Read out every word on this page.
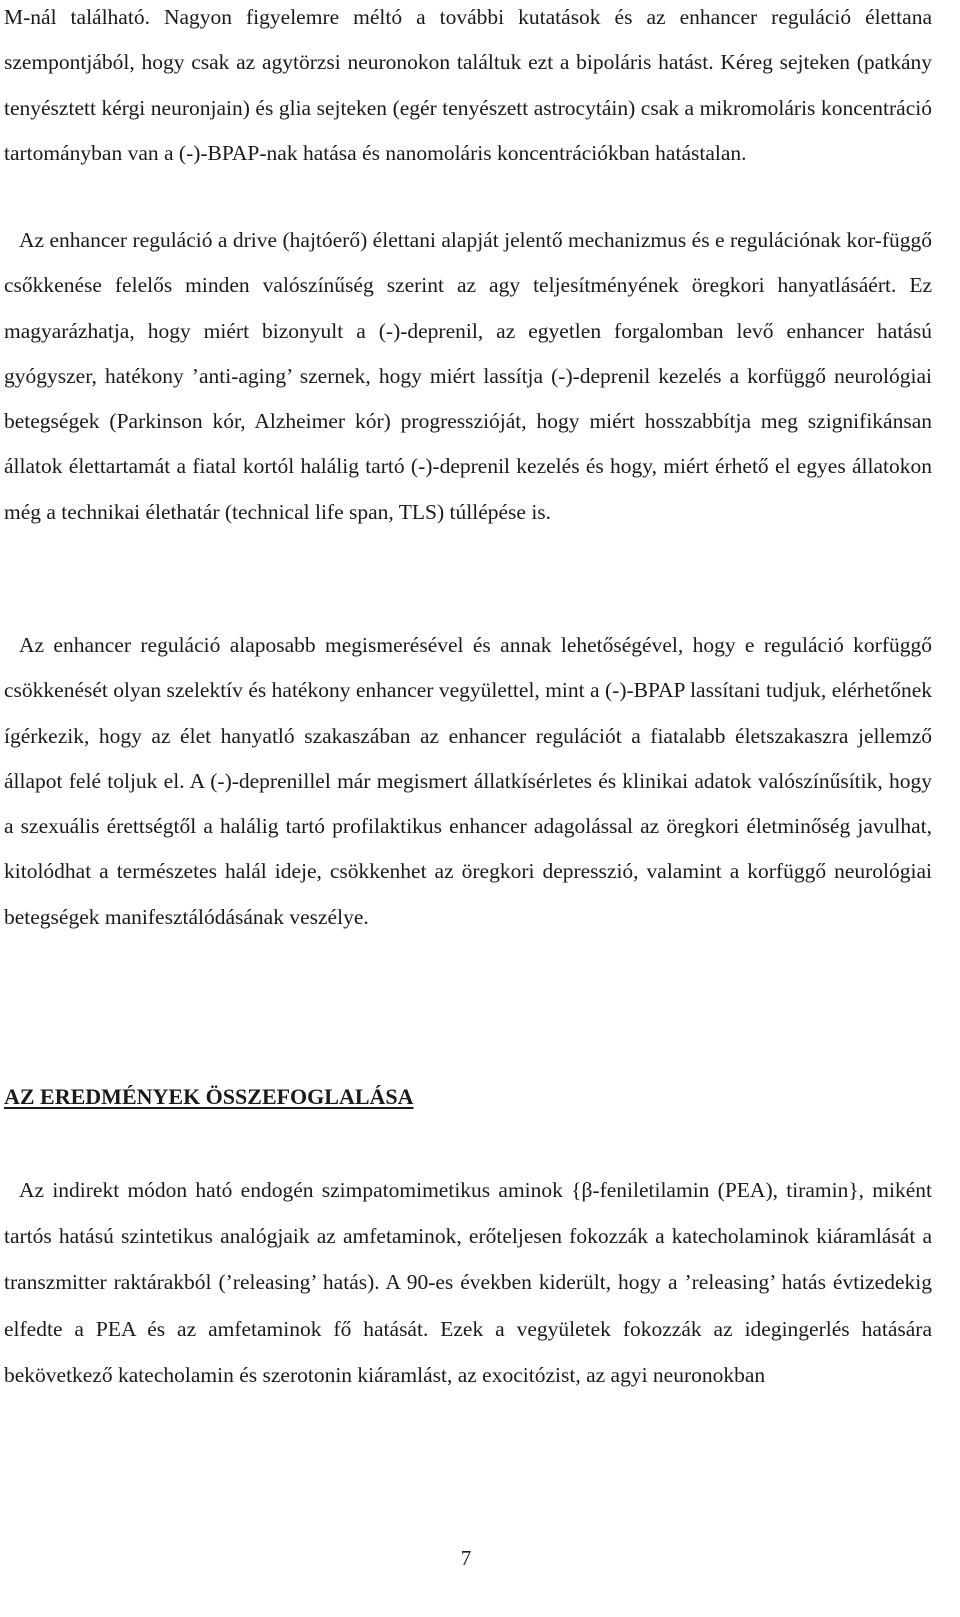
M-nál található. Nagyon figyelemre méltó a további kutatások és az enhancer reguláció élettana szempontjából, hogy csak az agytörzsi neuronokon találtuk ezt a bipoláris hatást. Kéreg sejteken (patkány tenyésztett kérgi neuronjain) és glia sejteken (egér tenyészett astrocytáin) csak a mikromoláris koncentráció tartományban van a (-)-BPAP-nak hatása és nanomoláris koncentrációkban hatástalan.

Az enhancer reguláció a drive (hajtóerő) élettani alapját jelentő mechanizmus és e regulációnak kor-függő csőkkenése felelős minden valószínűség szerint az agy teljesítményének öregkori hanyatlásáért. Ez magyarázhatja, hogy miért bizonyult a (-)-deprenil, az egyetlen forgalomban levő enhancer hatású gyógyszer, hatékony ’anti-aging’ szernek, hogy miért lassítja (-)-deprenil kezelés a korfüggő neurológiai betegségek (Parkinson kór, Alzheimer kór) progresszióját, hogy miért hosszabbítja meg szignifikánsan állatok élettartamát a fiatal kortól halálig tartó (-)-deprenil kezelés és hogy, miért érhető el egyes állatokon még a technikai élethatár (technical life span, TLS) túllépése is.

Az enhancer reguláció alaposabb megismerésével és annak lehetőségével, hogy e reguláció korfüggő csökkenését olyan szelektív és hatékony enhancer vegyülettel, mint a (-)-BPAP lassítani tudjuk, elérhetőnek ígérkezik, hogy az élet hanyatló szakaszában az enhancer regulációt a fiatalabb életszakaszra jellemző állapot felé toljuk el. A (-)-deprenillel már megismert állatkísérletes és klinikai adatok valószínűsítik, hogy a szexuális érettségtől a halálig tartó profilaktikus enhancer adagolással az öregkori életminőség javulhat, kitolódhat a természetes halál ideje, csökkenhet az öregkori depresszió, valamint a korfüggő neurológiai betegségek manifesztálódásának veszélye.

AZ EREDMÉNYEK ÖSSZEFOGLALÁSA

Az indirekt módon ható endogén szimpatomimetikus aminok {β-feniletilamin (PEA), tiramin}, miként tartós hatású szintetikus analógjaik az amfetaminok, erőteljesen fokozzák a katecholaminok kiáramlását a transzmitter raktárakból (’releasing’ hatás). A 90-es években kiderült, hogy a ’releasing’ hatás évtizedekig elfedte a PEA és az amfetaminok fő hatását. Ezek a vegyületek fokozzák az idegingerlés hatására bekövetkező katecholamin és szerotonin kiáramlást, az exocitózist, az agyi neuronokban

7
